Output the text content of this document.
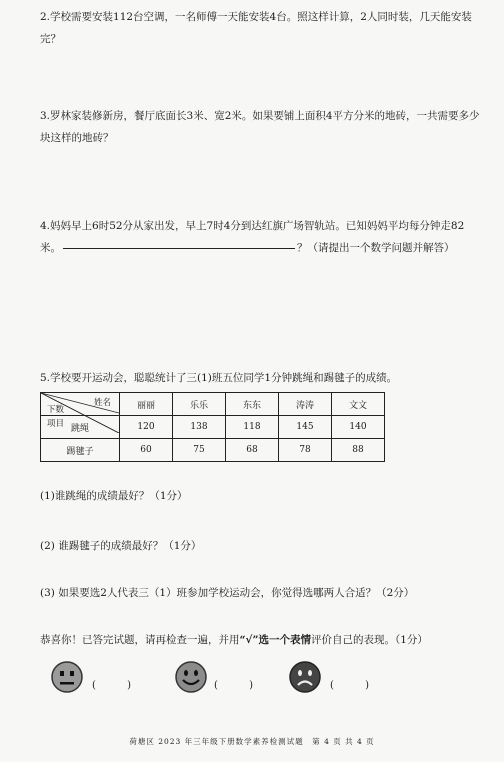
2.学校需要安装112台空调，一名师傅一天能安装4台。照这样计算，2人同时装，几天能安装完？
3.罗林家装修新房，餐厅底面长3米、宽2米。如果要铺上面积4平方分米的地砖，一共需要多少块这样的地砖？
4.妈妈早上6时52分从家出发，早上7时4分到达红旗广场智轨站。已知妈妈平均每分钟走82米。	？（请提出一个数学问题并解答）
5.学校要开运动会，聪聪统计了三(1)班五位同学1分钟跳绳和踢毽子的成绩。
姓名
下数
项目	丽丽	乐乐	东东	涛涛	文文
跳绳	120	138	118	145	140
踢毽子	60	75	68	78	88
(1)谁跳绳的成绩最好？（1分）
(2) 谁踢毽子的成绩最好？（1分）
(3) 如果要选2人代表三（1）班参加学校运动会，你觉得选哪两人合适？（2分）
恭喜你！已答完试题，请再检查一遍，并用“√”选一个表情评价自己的表现。（1分）
( )	( )	( )
荷塘区 2023 年三年级下册数学素养检测试题　第 4 页 共 4 页
